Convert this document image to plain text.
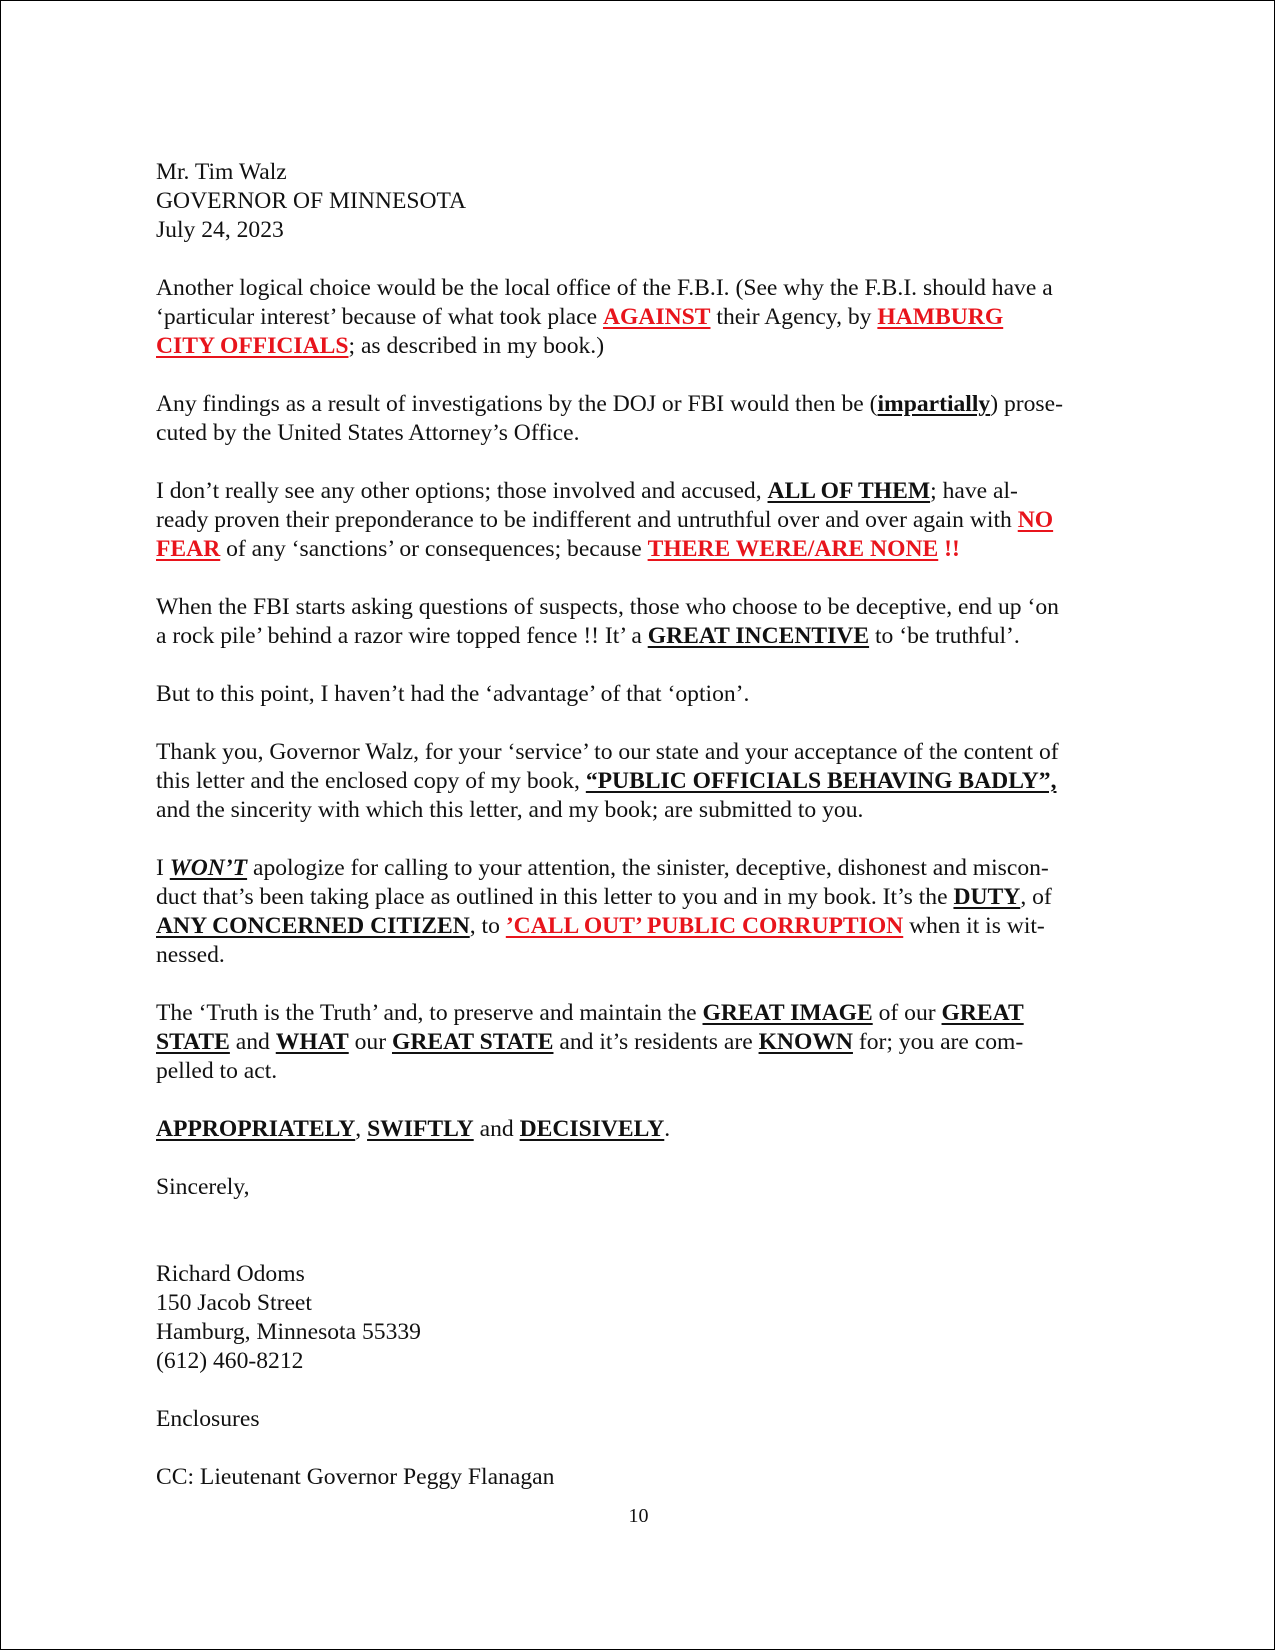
Mr. Tim Walz
GOVERNOR OF MINNESOTA
July 24, 2023
Another logical choice would be the local office of the F.B.I. (See why the F.B.I. should have a
‘particular interest’ because of what took place AGAINST their Agency, by HAMBURG
CITY OFFICIALS; as described in my book.)
Any findings as a result of investigations by the DOJ or FBI would then be (impartially) prose-
cuted by the United States Attorney’s Office.
I don’t really see any other options; those involved and accused, ALL OF THEM; have al-
ready proven their preponderance to be indifferent and untruthful over and over again with NO
FEAR of any ‘sanctions’ or consequences; because THERE WERE/ARE NONE !!
When the FBI starts asking questions of suspects, those who choose to be deceptive, end up ‘on
a rock pile’ behind a razor wire topped fence !! It’ a GREAT INCENTIVE to ‘be truthful’.
But to this point, I haven’t had the ‘advantage’ of that ‘option’.
Thank you, Governor Walz, for your ‘service’ to our state and your acceptance of the content of
this letter and the enclosed copy of my book, “PUBLIC OFFICIALS BEHAVING BADLY”,
and the sincerity with which this letter, and my book; are submitted to you.
I WON’T apologize for calling to your attention, the sinister, deceptive, dishonest and miscon-
duct that’s been taking place as outlined in this letter to you and in my book. It’s the DUTY, of
ANY CONCERNED CITIZEN, to ’CALL OUT’ PUBLIC CORRUPTION when it is wit-
nessed.
The ‘Truth is the Truth’ and, to preserve and maintain the GREAT IMAGE of our GREAT
STATE and WHAT our GREAT STATE and it’s residents are KNOWN for; you are com-
pelled to act.
APPROPRIATELY, SWIFTLY and DECISIVELY.
Sincerely,
Richard Odoms
150 Jacob Street
Hamburg, Minnesota 55339
(612) 460-8212
Enclosures
CC: Lieutenant Governor Peggy Flanagan
10
